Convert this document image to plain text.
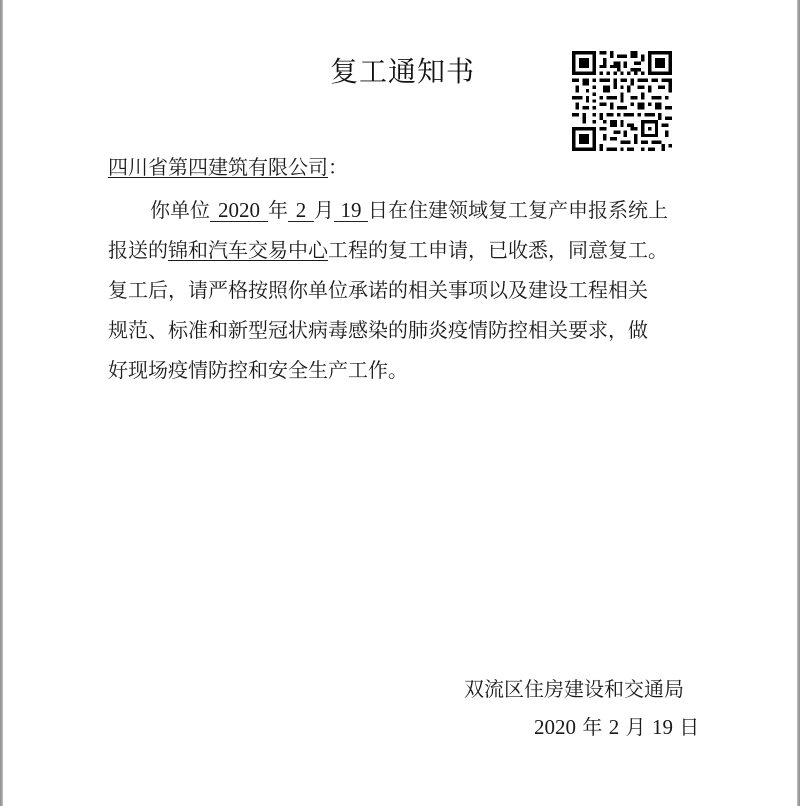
复工通知书
四川省第四建筑有限公司：
你单位 2020 年 2 月 19 日在住建领域复工复产申报系统上
报送的锦和汽车交易中心工程的复工申请，已收悉，同意复工。
复工后，请严格按照你单位承诺的相关事项以及建设工程相关
规范、标准和新型冠状病毒感染的肺炎疫情防控相关要求，做
好现场疫情防控和安全生产工作。
双流区住房建设和交通局
2020 年 2 月 19 日
